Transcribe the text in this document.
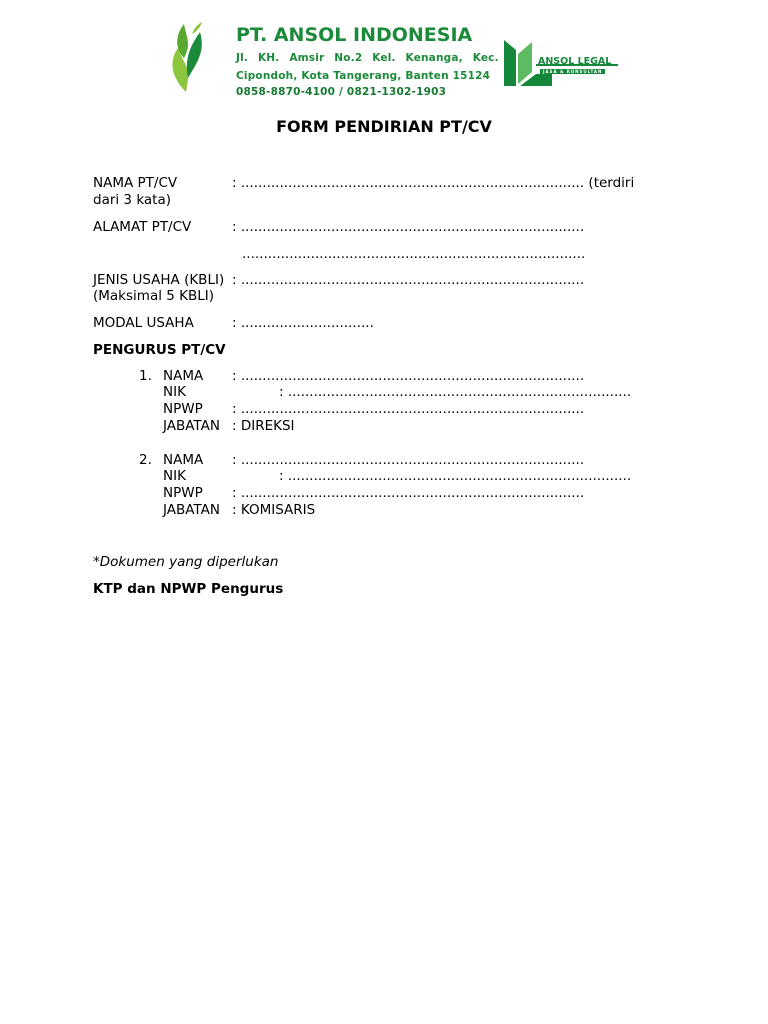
PT. ANSOL INDONESIA
Jl. KH. Amsir No.2 Kel. Kenanga, Kec.
Cipondoh, Kota Tangerang, Banten 15124
0858-8870-4100 / 0821-1302-1903
ANSOL LEGAL
JASA & KONSULTAN
FORM PENDIRIAN PT/CV
NAMA PT/CV	: ................................................................................ (terdiri
dari 3 kata)
ALAMAT PT/CV	: ................................................................................
................................................................................
JENIS USAHA (KBLI) : ................................................................................
(Maksimal 5 KBLI)
MODAL USAHA	: ...............................
PENGURUS PT/CV
1. NAMA : ................................................................................
NIK	: ................................................................................
NPWP : ................................................................................
JABATAN : DIREKSI
2. NAMA : ................................................................................
NIK	: ................................................................................
NPWP : ................................................................................
JABATAN : KOMISARIS
*Dokumen yang diperlukan
KTP dan NPWP Pengurus
